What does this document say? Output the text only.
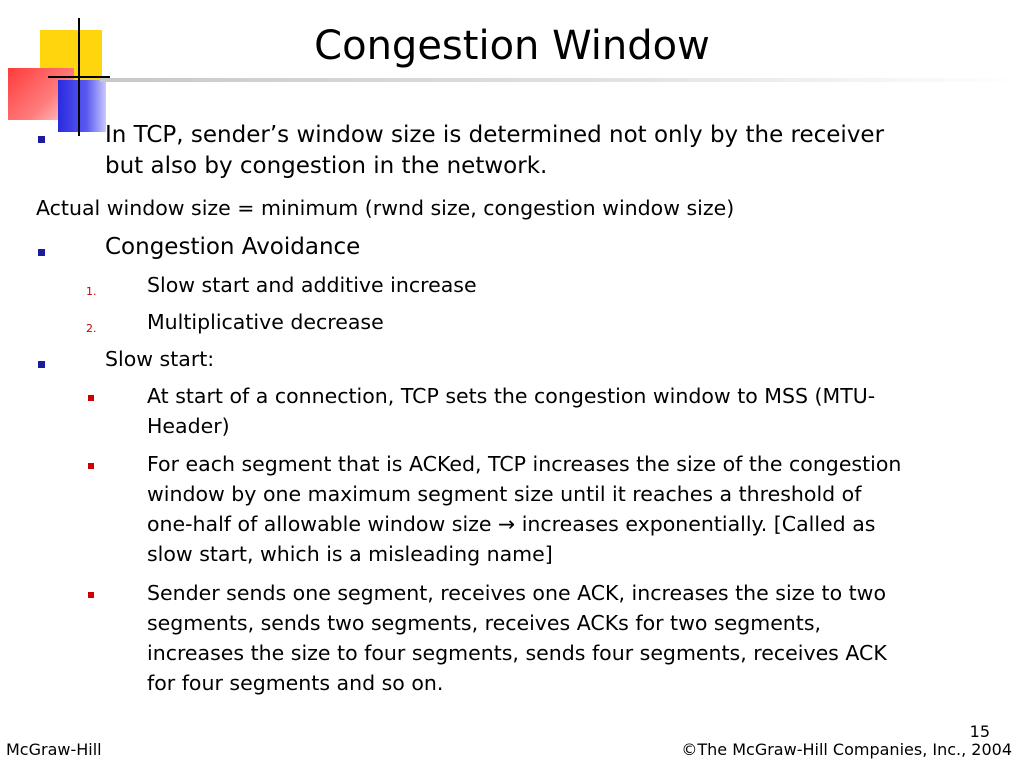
Congestion Window
In TCP, sender’s window size is determined not only by the receiver
but also by congestion in the network.
Actual window size = minimum (rwnd size, congestion window size)
Congestion Avoidance
1. Slow start and additive increase
2. Multiplicative decrease
Slow start:
At start of a connection, TCP sets the congestion window to MSS (MTU-
Header)
For each segment that is ACKed, TCP increases the size of the congestion
window by one maximum segment size until it reaches a threshold of
one-half of allowable window size → increases exponentially. [Called as
slow start, which is a misleading name]
Sender sends one segment, receives one ACK, increases the size to two
segments, sends two segments, receives ACKs for two segments,
increases the size to four segments, sends four segments, receives ACK
for four segments and so on.
15
McGraw-Hill	©The McGraw-Hill Companies, Inc., 2004
